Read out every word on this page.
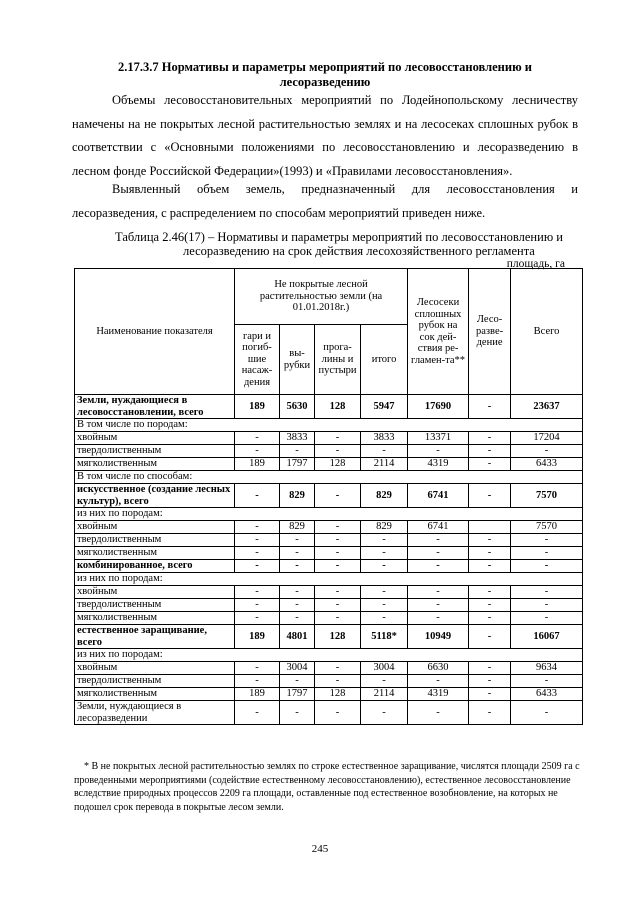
2.17.3.7 Нормативы и параметры мероприятий по лесовосстановлению и лесоразведению

Объемы лесовосстановительных мероприятий по Лодейнопольскому лесничеству намечены на не покрытых лесной растительностью землях и на лесосеках сплошных рубок в соответствии с «Основными положениями по лесовосстановлению и лесоразведению в лесном фонде Российской Федерации»(1993) и «Правилами лесовосстановления».

Выявленный объем земель, предназначенный для лесовосстановления и лесоразведения, с распределением по способам мероприятий приведен ниже.

Таблица 2.46(17) – Нормативы и параметры мероприятий по лесовосстановлению и
лесоразведению на срок действия лесохозяйственного регламента

площадь, га
Наименование показателя	Не покрытые лесной растительностью земли (на 01.01.2018г.)				Лесосеки сплошных рубок на сок дей-ствия ре-гламен-та**	Лесо-разве-дение	Всего
	гари и погиб-шие насаж-дения	вы-рубки	прога-лины и пустыри	итого			
Земли, нуждающиеся в лесовосстановлении, всего	189	5630	128	5947	17690	-	23637
В том числе по породам:							
хвойным	-	3833	-	3833	13371	-	17204
твердолиственным	-	-	-	-	-	-	-
мягколиственным	189	1797	128	2114	4319	-	6433
В том числе по способам:							
искусственное (создание лесных культур), всего	-	829	-	829	6741	-	7570
из них по породам:							
хвойным	-	829	-	829	6741		7570
твердолиственным	-	-	-	-	-	-	-
мягколиственным	-	-	-	-	-	-	-
комбинированное, всего	-	-	-	-	-	-	-
из них по породам:							
хвойным	-	-	-	-	-	-	-
твердолиственным	-	-	-	-	-	-	-
мягколиственным	-	-	-	-	-	-	-
естественное заращивание, всего	189	4801	128	5118*	10949	-	16067
из них по породам:							
хвойным	-	3004	-	3004	6630	-	9634
твердолиственным	-	-	-	-	-	-	-
мягколиственным	189	1797	128	2114	4319	-	6433
Земли, нуждающиеся в лесоразведении	-	-	-	-	-	-	-

* В не покрытых лесной растительностью землях по строке естественное заращивание, числятся площади 2509 га с проведенными мероприятиями (содействие естественному лесовосстановлению), естественное лесовосстановление вследствие природных процессов 2209 га площади, оставленные под естественное возобновление, на которых не подошел срок перевода в покрытые лесом земли.

245
